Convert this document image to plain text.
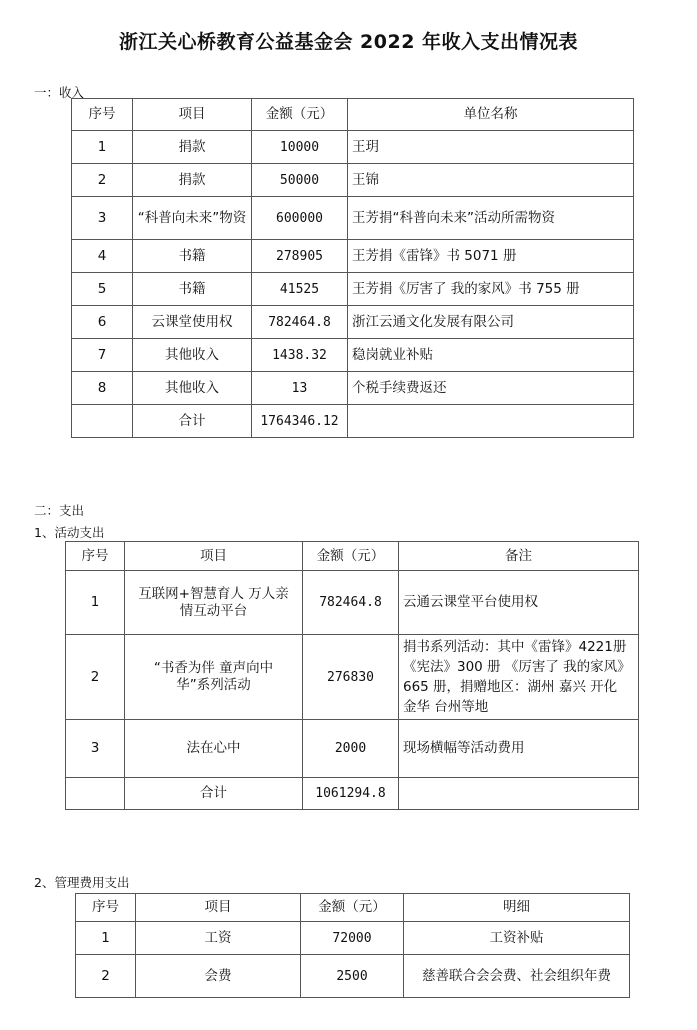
浙江关心桥教育公益基金会 2022 年收入支出情况表
一：收入
序号	项目	金额（元）	单位名称
1	捐款	10000	王玥
2	捐款	50000	王锦
3	“科普向未来”物资	600000	王芳捐“科普向未来”活动所需物资
4	书籍	278905	王芳捐《雷锋》书 5071 册
5	书籍	41525	王芳捐《厉害了 我的家风》书 755 册
6	云课堂使用权	782464.8	浙江云通文化发展有限公司
7	其他收入	1438.32	稳岗就业补贴
8	其他收入	13	个税手续费返还
	合计	1764346.12	
二：支出
1、活动支出
序号	项目	金额（元）	备注
1	互联网+智慧育人 万人亲情互动平台	782464.8	云通云课堂平台使用权
2	“书香为伴 童声向中华”系列活动	276830	捐书系列活动：其中《雷锋》4221册 《宪法》300 册 《厉害了 我的家风》665 册，捐赠地区：湖州 嘉兴 开化 金华 台州等地
3	法在心中	2000	现场横幅等活动费用
	合计	1061294.8	
2、管理费用支出
序号	项目	金额（元）	明细
1	工资	72000	工资补贴
2	会费	2500	慈善联合会会费、社会组织年费
